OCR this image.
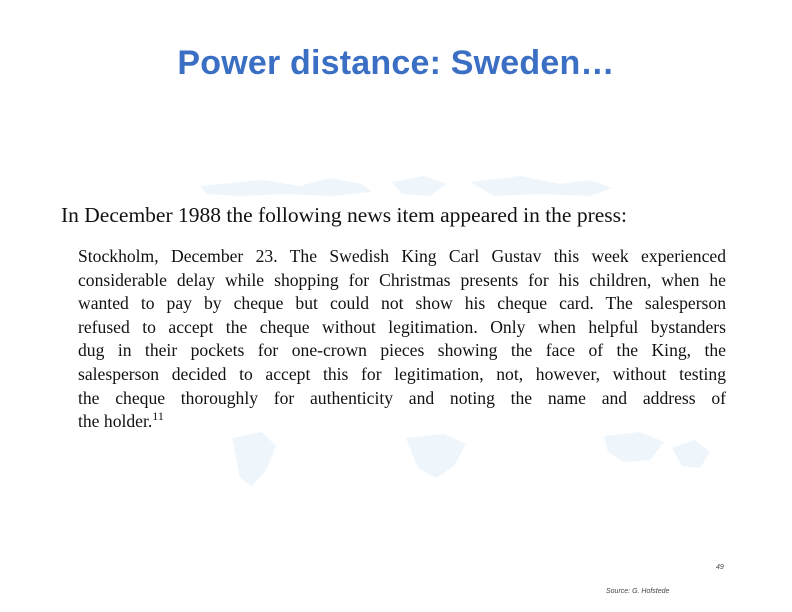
Power distance: Sweden…
In December 1988 the following news item appeared in the press:
Stockholm, December 23. The Swedish King Carl Gustav this week experienced
considerable delay while shopping for Christmas presents for his children, when he
wanted to pay by cheque but could not show his cheque card. The salesperson
refused to accept the cheque without legitimation. Only when helpful bystanders
dug in their pockets for one-crown pieces showing the face of the King, the
salesperson decided to accept this for legitimation, not, however, without testing
the cheque thoroughly for authenticity and noting the name and address of
the holder.$^{11}$
49
Source: G. Hofstede
